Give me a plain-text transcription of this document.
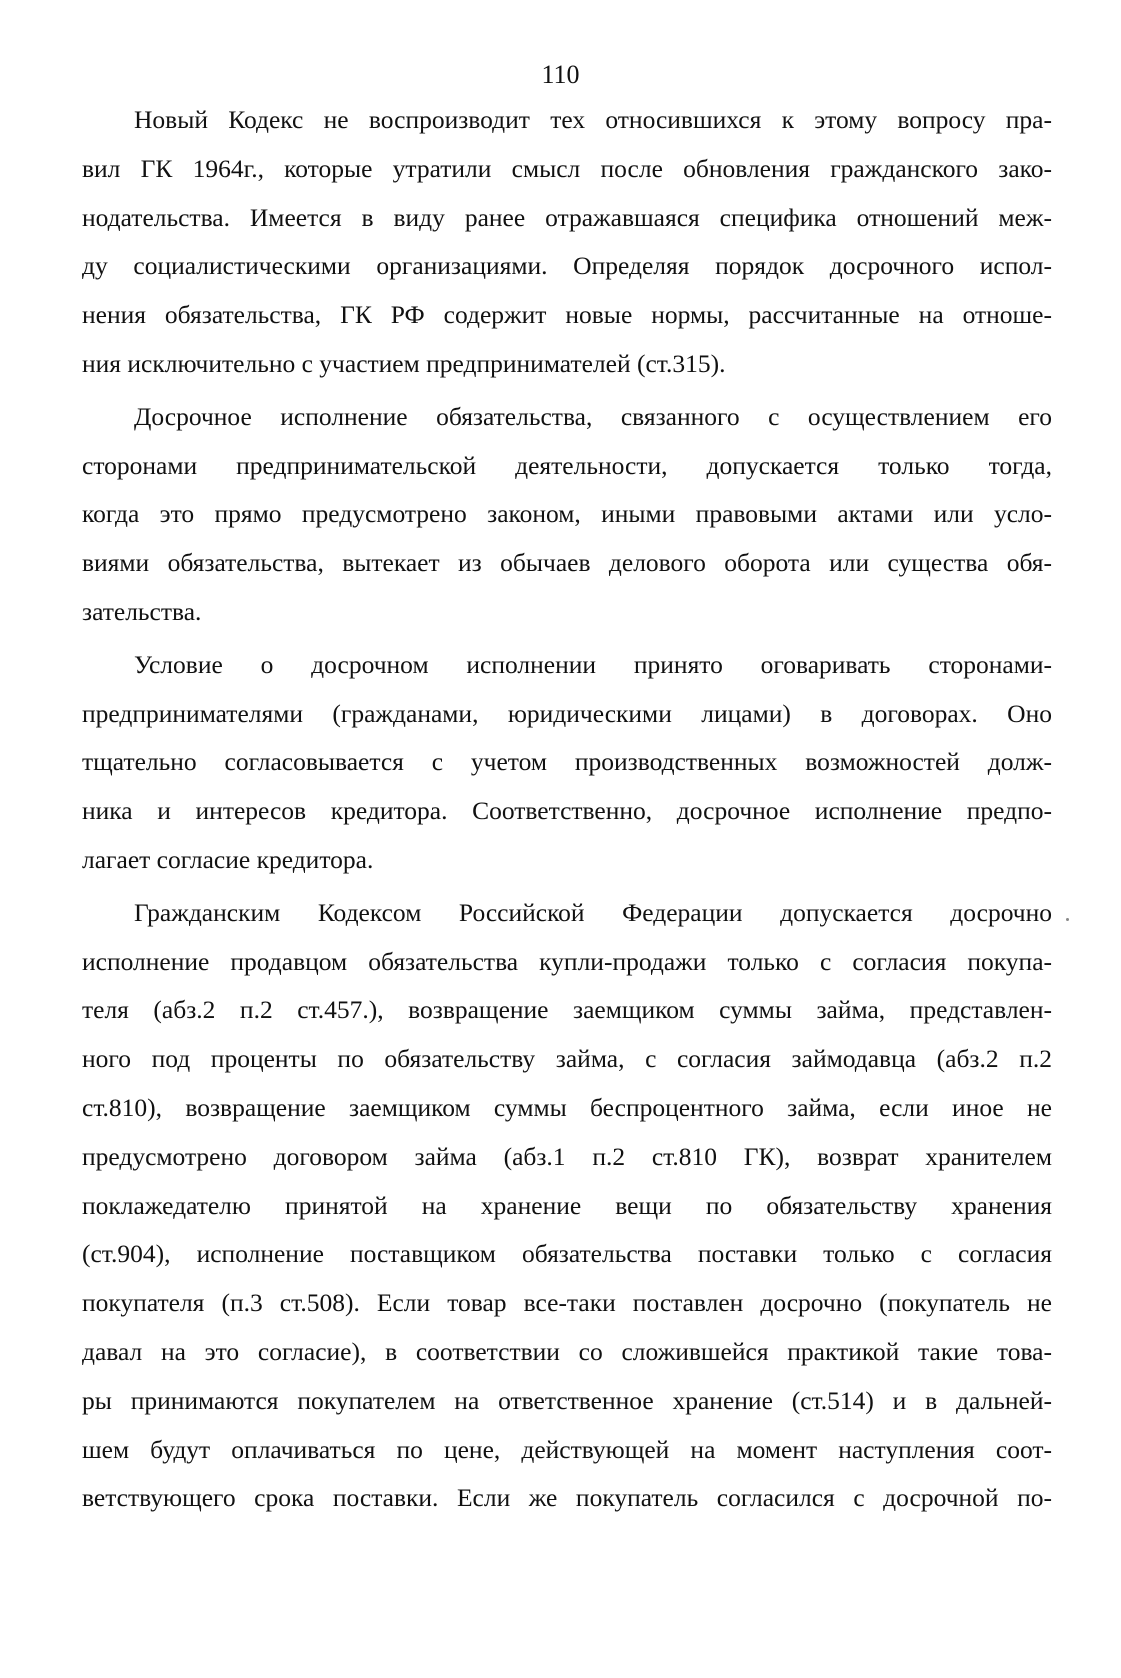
110
Новый Кодекс не воспроизводит тех относившихся к этому вопросу пра-
вил ГК 1964г., которые утратили смысл после обновления гражданского зако-
нодательства. Имеется в виду ранее отражавшаяся специфика отношений меж-
ду социалистическими организациями. Определяя порядок досрочного испол-
нения обязательства, ГК РФ содержит новые нормы, рассчитанные на отноше-
ния исключительно с участием предпринимателей (ст.315).
Досрочное исполнение обязательства, связанного с осуществлением его
сторонами предпринимательской деятельности, допускается только тогда,
когда это прямо предусмотрено законом, иными правовыми актами или усло-
виями обязательства, вытекает из обычаев делового оборота или существа обя-
зательства.
Условие о досрочном исполнении принято оговаривать сторонами-
предпринимателями (гражданами, юридическими лицами) в договорах. Оно
тщательно согласовывается с учетом производственных возможностей долж-
ника и интересов кредитора. Соответственно, досрочное исполнение предпо-
лагает согласие кредитора.
Гражданским Кодексом Российской Федерации допускается досрочно
исполнение продавцом обязательства купли-продажи только с согласия покупа-
теля (абз.2 п.2 ст.457.), возвращение заемщиком суммы займа, представлен-
ного под проценты по обязательству займа, с согласия займодавца (абз.2 п.2
ст.810), возвращение заемщиком суммы беспроцентного займа, если иное не
предусмотрено договором займа (абз.1 п.2 ст.810 ГК), возврат хранителем
поклажедателю принятой на хранение вещи по обязательству хранения
(ст.904), исполнение поставщиком обязательства поставки только с согласия
покупателя (п.3 ст.508). Если товар все-таки поставлен досрочно (покупатель не
давал на это согласие), в соответствии со сложившейся практикой такие това-
ры принимаются покупателем на ответственное хранение (ст.514) и в дальней-
шем будут оплачиваться по цене, действующей на момент наступления соот-
ветствующего срока поставки. Если же покупатель согласился с досрочной по-
